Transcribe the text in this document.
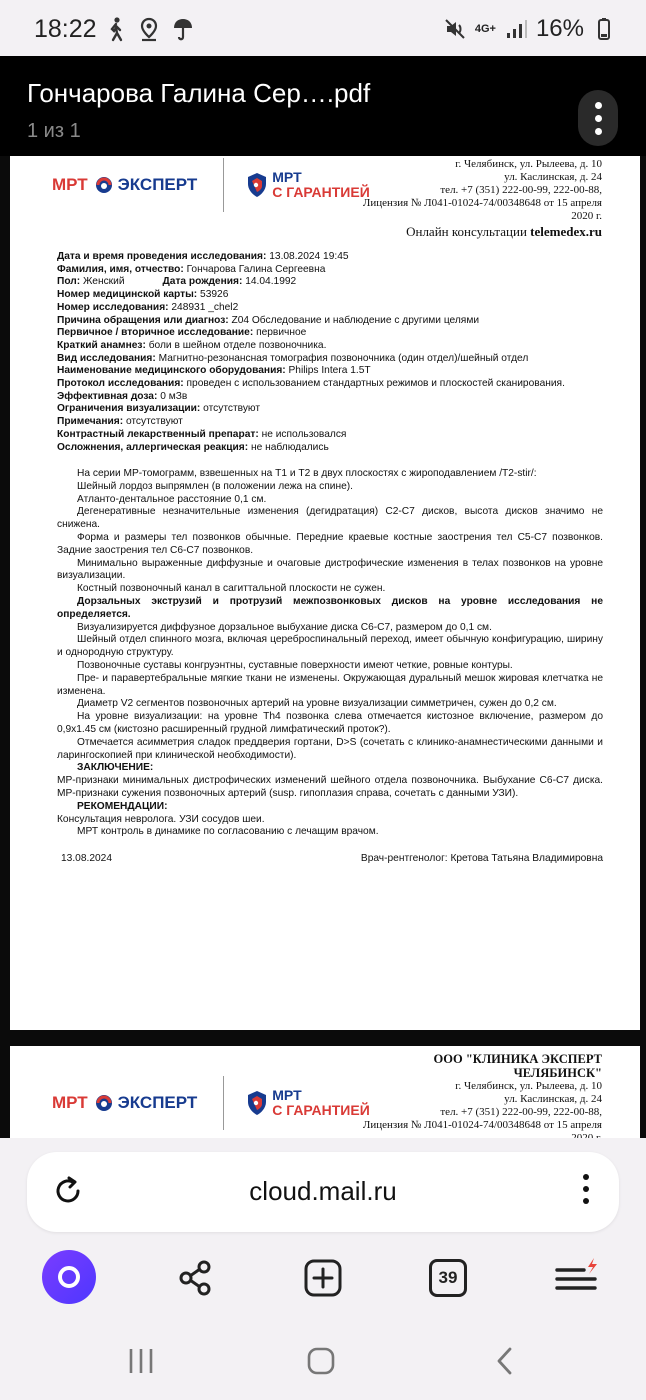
18:22	4G+ 16%
Гончарова Галина Сер….pdf
1 из 1
МРТ ЭКСПЕРТ	МРТ
С ГАРАНТИЕЙ
г. Челябинск, ул. Рылеева, д. 10
ул. Каслинская, д. 24
тел. +7 (351) 222-00-99, 222-00-88,
Лицензия № Л041-01024-74/00348648 от 15 апреля
2020 г.
Онлайн консультации telemedex.ru
Дата и время проведения исследования: 13.08.2024 19:45
Фамилия, имя, отчество: Гончарова Галина Сергеевна
Пол: Женский	Дата рождения: 14.04.1992
Номер медицинской карты: 53926
Номер исследования: 248931 _chel2
Причина обращения или диагноз: Z04 Обследование и наблюдение с другими целями
Первичное / вторичное исследование: первичное
Краткий анамнез: боли в шейном отделе позвоночника.
Вид исследования: Магнитно-резонансная томография позвоночника (один отдел)/шейный отдел
Наименование медицинского оборудования: Philips Intera 1.5T
Протокол исследования: проведен с использованием стандартных режимов и плоскостей сканирования.
Эффективная доза: 0 мЗв
Ограничения визуализации: отсутствуют
Примечания: отсутствуют
Контрастный лекарственный препарат: не использовался
Осложнения, аллергическая реакция: не наблюдались

На серии МР-томограмм, взвешенных на T1 и T2 в двух плоскостях с жироподавлением /T2-stir/:

Шейный лордоз выпрямлен (в положении лежа на спине).

Атланто-дентальное расстояние 0,1 см.

Дегенеративные незначительные изменения (дегидратация) С2-С7 дисков, высота дисков значимо не снижена.

Форма и размеры тел позвонков обычные. Передние краевые костные заострения тел С5-С7 позвонков. Задние заострения тел С6-С7 позвонков.

Минимально выраженные диффузные и очаговые дистрофические изменения в телах позвонков на уровне визуализации.

Костный позвоночный канал в сагиттальной плоскости не сужен.

Дорзальных экструзий и протрузий межпозвонковых дисков на уровне исследования не определяется.

Визуализируется диффузное дорзальное выбухание диска С6-С7, размером до 0,1 см.

Шейный отдел спинного мозга, включая цереброспинальный переход, имеет обычную конфигурацию, ширину и однородную структуру.

Позвоночные суставы конгруэнтны, суставные поверхности имеют четкие, ровные контуры.

Пре- и паравертебральные мягкие ткани не изменены. Окружающая дуральный мешок жировая клетчатка не изменена.

Диаметр V2 сегментов позвоночных артерий на уровне визуализации симметричен, сужен до 0,2 см.

На уровне визуализации: на уровне Th4 позвонка слева отмечается кистозное включение, размером до 0,9х1.45 см (кистозно расширенный грудной лимфатический проток?).

Отмечается асимметрия сладок преддверия гортани, D>S (сочетать с клинико-анамнестическими данными и ларингоскопией при клинической необходимости).

ЗАКЛЮЧЕНИЕ:

МР-признаки минимальных дистрофических изменений шейного отдела позвоночника. Выбухание С6-С7 диска. МР-признаки сужения позвоночных артерий (susp. гипоплазия справа, сочетать с данными УЗИ).

РЕКОМЕНДАЦИИ:

Консультация невролога. УЗИ сосудов шеи.

МРТ контроль в динамике по согласованию с лечащим врачом.

13.08.2024	Врач-рентгенолог: Кретова Татьяна Владимировна
МРТ ЭКСПЕРТ	МРТ
С ГАРАНТИЕЙ
ООО "КЛИНИКА ЭКСПЕРТ ЧЕЛЯБИНСК"
г. Челябинск, ул. Рылеева, д. 10
ул. Каслинская, д. 24
тел. +7 (351) 222-00-99, 222-00-88,
Лицензия № Л041-01024-74/00348648 от 15 апреля
cloud.mail.ru
39
